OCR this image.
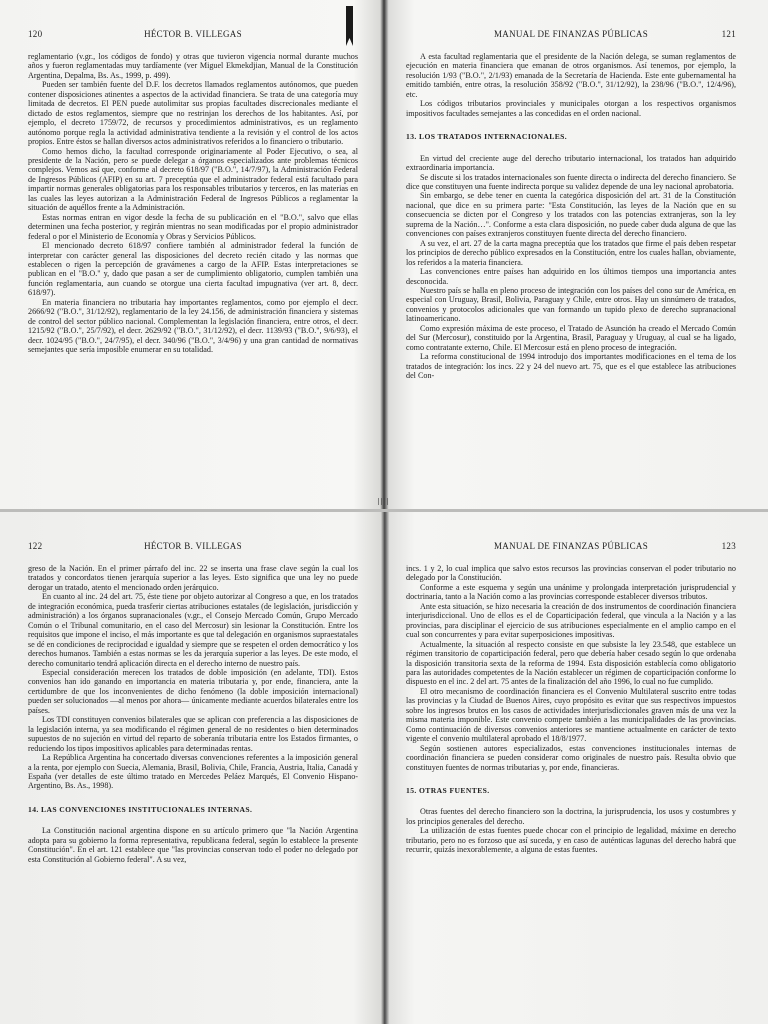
120	HÉCTOR B. VILLEGAS

reglamentario (v.gr., los códigos de fondo) y otras que tuvieron vigencia normal durante muchos años y fueron reglamentadas muy tardíamente (ver Miguel Ekmekdjian, Manual de la Constitución Argentina, Depalma, Bs. As., 1999, p. 499).

Pueden ser también fuente del D.F. los decretos llamados reglamentos autónomos, que pueden contener disposiciones atinentes a aspectos de la actividad financiera. Se trata de una categoría muy limitada de decretos. El PEN puede autolimitar sus propias facultades discrecionales mediante el dictado de estos reglamentos, siempre que no restrinjan los derechos de los habitantes. Así, por ejemplo, el decreto 1759/72, de recursos y procedimientos administrativos, es un reglamento autónomo porque regla la actividad administrativa tendiente a la revisión y el control de los actos propios. Entre éstos se hallan diversos actos administrativos referidos a lo financiero o tributario.

Como hemos dicho, la facultad corresponde originariamente al Poder Ejecutivo, o sea, al presidente de la Nación, pero se puede delegar a órganos especializados ante problemas técnicos complejos. Vemos así que, conforme al decreto 618/97 ("B.O.", 14/7/97), la Administración Federal de Ingresos Públicos (AFIP) en su art. 7 preceptúa que el administrador federal está facultado para impartir normas generales obligatorias para los responsables tributarios y terceros, en las materias en las cuales las leyes autorizan a la Administración Federal de Ingresos Públicos a reglamentar la situación de aquéllos frente a la Administración.

Estas normas entran en vigor desde la fecha de su publicación en el "B.O.", salvo que ellas determinen una fecha posterior, y regirán mientras no sean modificadas por el propio administrador federal o por el Ministerio de Economía y Obras y Servicios Públicos.

El mencionado decreto 618/97 confiere también al administrador federal la función de interpretar con carácter general las disposiciones del decreto recién citado y las normas que establecen o rigen la percepción de gravámenes a cargo de la AFIP. Estas interpretaciones se publican en el "B.O." y, dado que pasan a ser de cumplimiento obligatorio, cumplen también una función reglamentaria, aun cuando se otorgue una cierta facultad impugnativa (ver art. 8, decr. 618/97).

En materia financiera no tributaria hay importantes reglamentos, como por ejemplo el decr. 2666/92 ("B.O.", 31/12/92), reglamentario de la ley 24.156, de administración financiera y sistemas de control del sector público nacional. Complementan la legislación financiera, entre otros, el decr. 1215/92 ("B.O.", 25/7/92), el decr. 2629/92 ("B.O.", 31/12/92), el decr. 1139/93 ("B.O.", 9/6/93), el decr. 1024/95 ("B.O.", 24/7/95), el decr. 340/96 ("B.O.", 3/4/96) y una gran cantidad de normativas semejantes que sería imposible enumerar en su totalidad.

MANUAL DE FINANZAS PÚBLICAS	121

A esta facultad reglamentaria que el presidente de la Nación delega, se suman reglamentos de ejecución en materia financiera que emanan de otros organismos. Así tenemos, por ejemplo, la resolución 1/93 ("B.O.", 2/1/93) emanada de la Secretaría de Hacienda. Este ente gubernamental ha emitido también, entre otras, la resolución 358/92 ("B.O.", 31/12/92), la 238/96 ("B.O.", 12/4/96), etc.

Los códigos tributarios provinciales y municipales otorgan a los respectivos organismos impositivos facultades semejantes a las concedidas en el orden nacional.

13. LOS TRATADOS INTERNACIONALES.

En virtud del creciente auge del derecho tributario internacional, los tratados han adquirido extraordinaria importancia.

Se discute si los tratados internacionales son fuente directa o indirecta del derecho financiero. Se dice que constituyen una fuente indirecta porque su validez depende de una ley nacional aprobatoria.

Sin embargo, se debe tener en cuenta la categórica disposición del art. 31 de la Constitución nacional, que dice en su primera parte: "Esta Constitución, las leyes de la Nación que en su consecuencia se dicten por el Congreso y los tratados con las potencias extranjeras, son la ley suprema de la Nación…". Conforme a esta clara disposición, no puede caber duda alguna de que las convenciones con países extranjeros constituyen fuente directa del derecho financiero.

A su vez, el art. 27 de la carta magna preceptúa que los tratados que firme el país deben respetar los principios de derecho público expresados en la Constitución, entre los cuales hallan, obviamente, los referidos a la materia financiera.

Las convenciones entre países han adquirido en los últimos tiempos una importancia antes desconocida.

Nuestro país se halla en pleno proceso de integración con los países del cono sur de América, en especial con Uruguay, Brasil, Bolivia, Paraguay y Chile, entre otros. Hay un sinnúmero de tratados, convenios y protocolos adicionales que van formando un tupido plexo de derecho supranacional latinoamericano.

Como expresión máxima de este proceso, el Tratado de Asunción ha creado el Mercado Común del Sur (Mercosur), constituido por la Argentina, Brasil, Paraguay y Uruguay, al cual se ha ligado, como contratante externo, Chile. El Mercosur está en pleno proceso de integración.

La reforma constitucional de 1994 introdujo dos importantes modificaciones en el tema de los tratados de integración: los incs. 22 y 24 del nuevo art. 75, que es el que establece las atribuciones del Con-

122	HÉCTOR B. VILLEGAS

greso de la Nación. En el primer párrafo del inc. 22 se inserta una frase clave según la cual los tratados y concordatos tienen jerarquía superior a las leyes. Esto significa que una ley no puede derogar un tratado, atento el mencionado orden jerárquico.

En cuanto al inc. 24 del art. 75, éste tiene por objeto autorizar al Congreso a que, en los tratados de integración económica, pueda trasferir ciertas atribuciones estatales (de legislación, jurisdicción y administración) a los órganos supranacionales (v.gr., el Consejo Mercado Común, Grupo Mercado Común o el Tribunal comunitario, en el caso del Mercosur) sin lesionar la Constitución. Entre los requisitos que impone el inciso, el más importante es que tal delegación en organismos supraestatales se dé en condiciones de reciprocidad e igualdad y siempre que se respeten el orden democrático y los derechos humanos. También a estas normas se les da jerarquía superior a las leyes. De este modo, el derecho comunitario tendrá aplicación directa en el derecho interno de nuestro país.

Especial consideración merecen los tratados de doble imposición (en adelante, TDI). Estos convenios han ido ganando en importancia en materia tributaria y, por ende, financiera, ante la certidumbre de que los inconvenientes de dicho fenómeno (la doble imposición internacional) pueden ser solucionados —al menos por ahora— únicamente mediante acuerdos bilaterales entre los países.

Los TDI constituyen convenios bilaterales que se aplican con preferencia a las disposiciones de la legislación interna, ya sea modificando el régimen general de no residentes o bien determinados supuestos de no sujeción en virtud del reparto de soberanía tributaria entre los Estados firmantes, o reduciendo los tipos impositivos aplicables para determinadas rentas.

La República Argentina ha concertado diversas convenciones referentes a la imposición general a la renta, por ejemplo con Suecia, Alemania, Brasil, Bolivia, Chile, Francia, Austria, Italia, Canadá y España (ver detalles de este último tratado en Mercedes Peláez Marqués, El Convenio Hispano-Argentino, Bs. As., 1998).

14. LAS CONVENCIONES INSTITUCIONALES INTERNAS.

La Constitución nacional argentina dispone en su artículo primero que "la Nación Argentina adopta para su gobierno la forma representativa, republicana federal, según lo establece la presente Constitución". En el art. 121 establece que "las provincias conservan todo el poder no delegado por esta Constitución al Gobierno federal". A su vez,

MANUAL DE FINANZAS PÚBLICAS	123

incs. 1 y 2, lo cual implica que salvo estos recursos las provincias conservan el poder tributario no delegado por la Constitución.

Conforme a este esquema y según una unánime y prolongada interpretación jurisprudencial y doctrinaria, tanto a la Nación como a las provincias corresponde establecer diversos tributos.

Ante esta situación, se hizo necesaria la creación de dos instrumentos de coordinación financiera interjurisdiccional. Uno de ellos es el de Coparticipación federal, que vincula a la Nación y a las provincias, para disciplinar el ejercicio de sus atribuciones especialmente en el amplio campo en el cual son concurrentes y para evitar superposiciones impositivas.

Actualmente, la situación al respecto consiste en que subsiste la ley 23.548, que establece un régimen transitorio de coparticipación federal, pero que debería haber cesado según lo que ordenaba la disposición transitoria sexta de la reforma de 1994. Esta disposición establecía como obligatorio para las autoridades competentes de la Nación establecer un régimen de coparticipación conforme lo dispuesto en el inc. 2 del art. 75 antes de la finalización del año 1996, lo cual no fue cumplido.

El otro mecanismo de coordinación financiera es el Convenio Multilateral suscrito entre todas las provincias y la Ciudad de Buenos Aires, cuyo propósito es evitar que sus respectivos impuestos sobre los ingresos brutos en los casos de actividades interjurisdiccionales graven más de una vez la misma materia imponible. Este convenio compete también a las municipalidades de las provincias. Como continuación de diversos convenios anteriores se mantiene actualmente en carácter de texto vigente el convenio multilateral aprobado el 18/8/1977.

Según sostienen autores especializados, estas convenciones institucionales internas de coordinación financiera se pueden considerar como originales de nuestro país. Resulta obvio que constituyen fuentes de normas tributarias y, por ende, financieras.

15. OTRAS FUENTES.

Otras fuentes del derecho financiero son la doctrina, la jurisprudencia, los usos y costumbres y los principios generales del derecho.

La utilización de estas fuentes puede chocar con el principio de legalidad, máxime en derecho tributario, pero no es forzoso que así suceda, y en caso de auténticas lagunas del derecho habrá que recurrir, quizás inexorablemente, a alguna de estas fuentes.
